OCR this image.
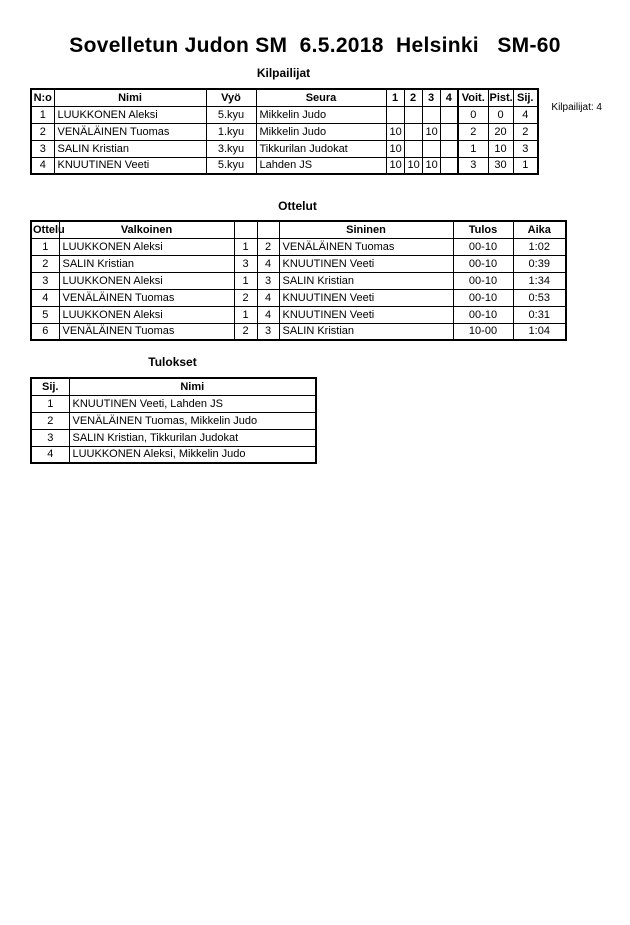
Sovelletun Judon SM  6.5.2018  Helsinki   SM-60
Kilpailijat: 4
Kilpailijat
N:o	Nimi	Vyö	Seura	1	2	3	4	Voit.	Pist.	Sij.
1	LUUKKONEN Aleksi	5.kyu	Mikkelin Judo					0	0	4
2	VENÄLÄINEN Tuomas	1.kyu	Mikkelin Judo	10		10		2	20	2
3	SALIN Kristian	3.kyu	Tikkurilan Judokat	10				1	10	3
4	KNUUTINEN Veeti	5.kyu	Lahden JS	10	10	10		3	30	1
Ottelut
Ottelu	Valkoinen			Sininen	Tulos	Aika
1	LUUKKONEN Aleksi	1	2	VENÄLÄINEN Tuomas	00-10	1:02
2	SALIN Kristian	3	4	KNUUTINEN Veeti	00-10	0:39
3	LUUKKONEN Aleksi	1	3	SALIN Kristian	00-10	1:34
4	VENÄLÄINEN Tuomas	2	4	KNUUTINEN Veeti	00-10	0:53
5	LUUKKONEN Aleksi	1	4	KNUUTINEN Veeti	00-10	0:31
6	VENÄLÄINEN Tuomas	2	3	SALIN Kristian	10-00	1:04
Tulokset
Sij.	Nimi
1	KNUUTINEN Veeti, Lahden JS
2	VENÄLÄINEN Tuomas, Mikkelin Judo
3	SALIN Kristian, Tikkurilan Judokat
4	LUUKKONEN Aleksi, Mikkelin Judo
